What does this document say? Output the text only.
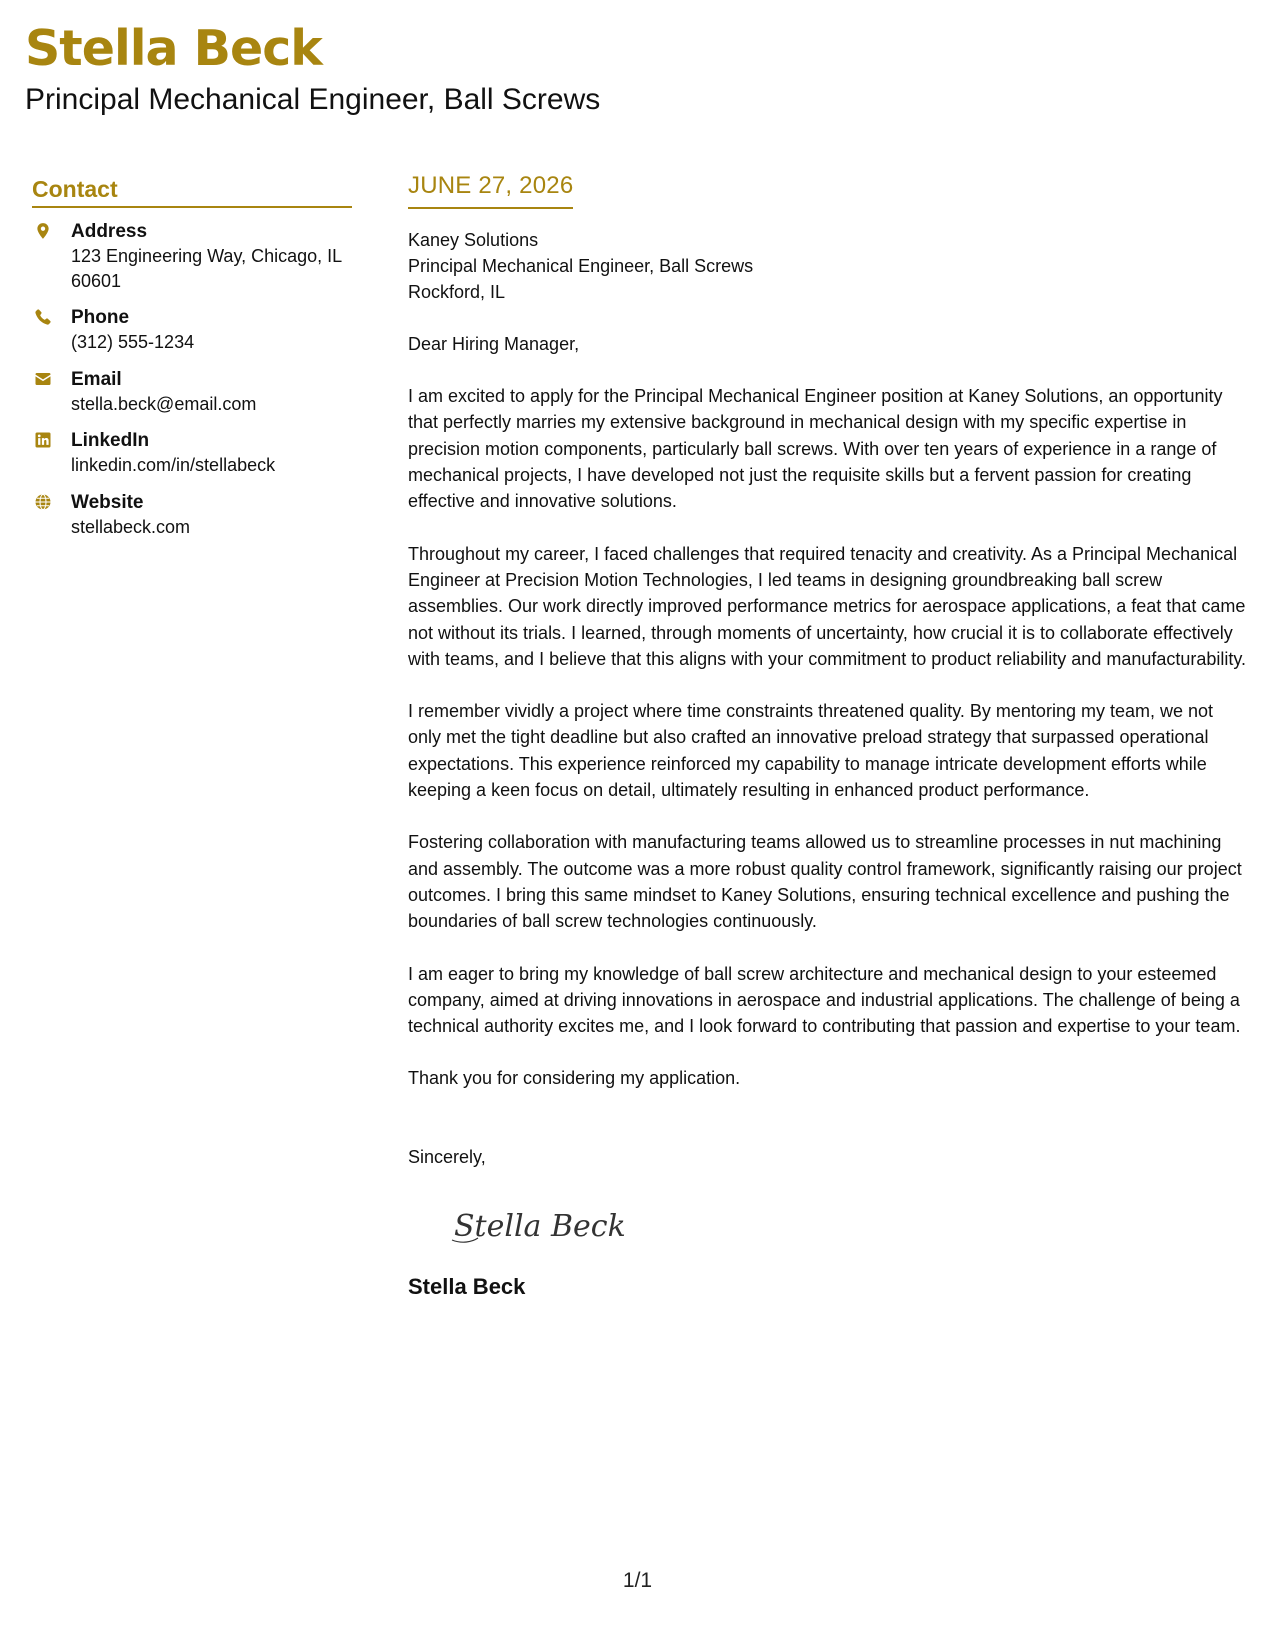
Stella Beck
Principal Mechanical Engineer, Ball Screws
Contact
Address
123 Engineering Way, Chicago, IL 60601
Phone
(312) 555-1234
Email
stella.beck@email.com
LinkedIn
linkedin.com/in/stellabeck
Website
stellabeck.com
JUNE 27, 2026
Kaney Solutions
Principal Mechanical Engineer, Ball Screws
Rockford, IL
Dear Hiring Manager,

I am excited to apply for the Principal Mechanical Engineer position at Kaney Solutions, an opportunity that perfectly marries my extensive background in mechanical design with my specific expertise in precision motion components, particularly ball screws. With over ten years of experience in a range of mechanical projects, I have developed not just the requisite skills but a fervent passion for creating effective and innovative solutions.

Throughout my career, I faced challenges that required tenacity and creativity. As a Principal Mechanical Engineer at Precision Motion Technologies, I led teams in designing groundbreaking ball screw assemblies. Our work directly improved performance metrics for aerospace applications, a feat that came not without its trials. I learned, through moments of uncertainty, how crucial it is to collaborate effectively with teams, and I believe that this aligns with your commitment to product reliability and manufacturability.

I remember vividly a project where time constraints threatened quality. By mentoring my team, we not only met the tight deadline but also crafted an innovative preload strategy that surpassed operational expectations. This experience reinforced my capability to manage intricate development efforts while keeping a keen focus on detail, ultimately resulting in enhanced product performance.

Fostering collaboration with manufacturing teams allowed us to streamline processes in nut machining and assembly. The outcome was a more robust quality control framework, significantly raising our project outcomes. I bring this same mindset to Kaney Solutions, ensuring technical excellence and pushing the boundaries of ball screw technologies continuously.

I am eager to bring my knowledge of ball screw architecture and mechanical design to your esteemed company, aimed at driving innovations in aerospace and industrial applications. The challenge of being a technical authority excites me, and I look forward to contributing that passion and expertise to your team.

Thank you for considering my application.

Sincerely,
Stella Beck
Stella Beck
1/1
